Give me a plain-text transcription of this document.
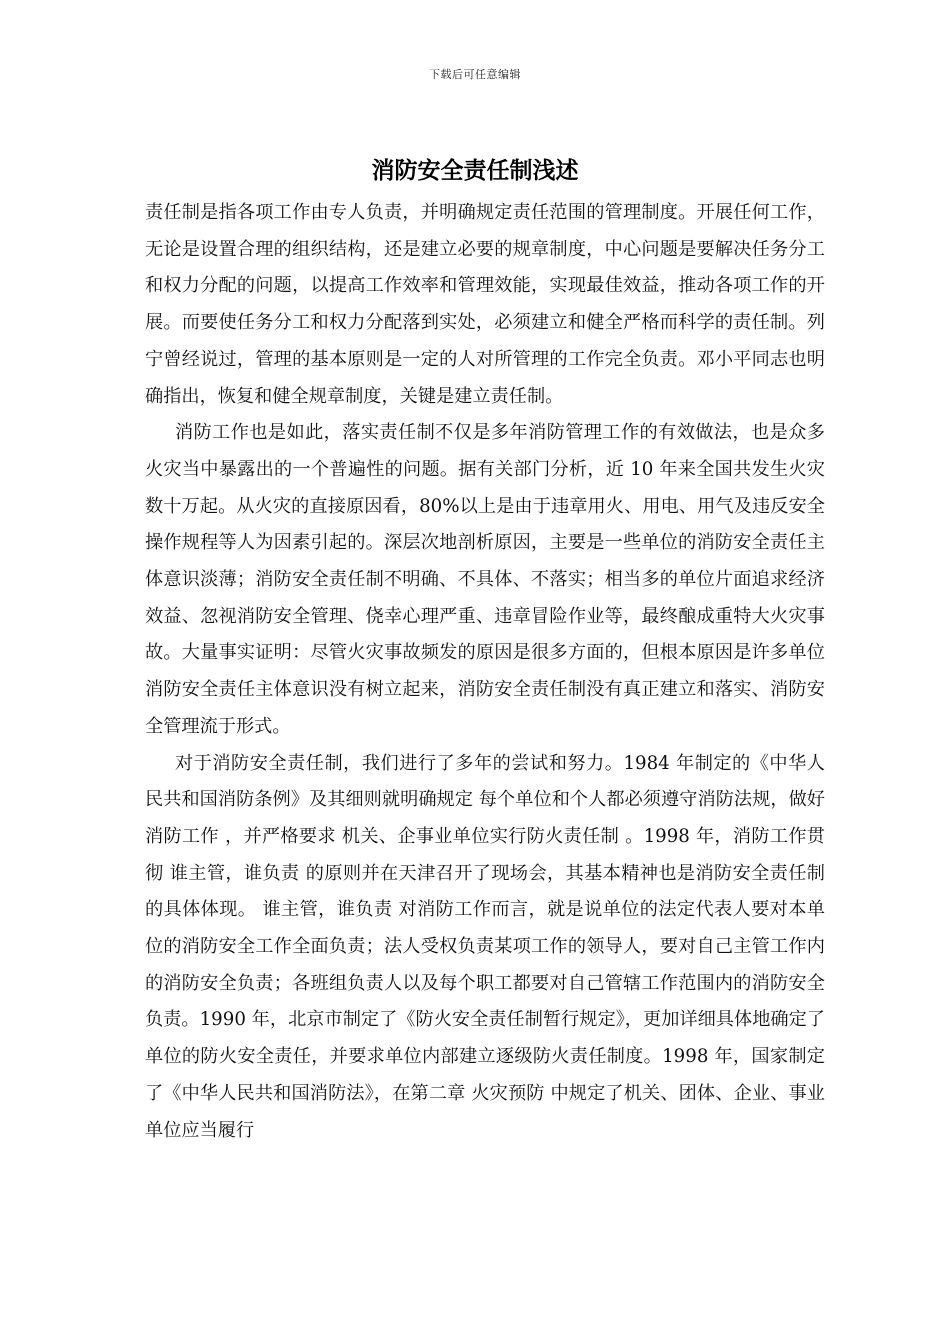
下载后可任意编辑
消防安全责任制浅述

责任制是指各项工作由专人负责，并明确规定责任范围的管理制度。开展任何工作，无论是设置合理的组织结构，还是建立必要的规章制度，中心问题是要解决任务分工和权力分配的问题，以提高工作效率和管理效能，实现最佳效益，推动各项工作的开展。而要使任务分工和权力分配落到实处，必须建立和健全严格而科学的责任制。列宁曾经说过，管理的基本原则是一定的人对所管理的工作完全负责。邓小平同志也明确指出，恢复和健全规章制度，关键是建立责任制。

消防工作也是如此，落实责任制不仅是多年消防管理工作的有效做法，也是众多火灾当中暴露出的一个普遍性的问题。据有关部门分析，近 10 年来全国共发生火灾数十万起。从火灾的直接原因看，80%以上是由于违章用火、用电、用气及违反安全操作规程等人为因素引起的。深层次地剖析原因，主要是一些单位的消防安全责任主体意识淡薄；消防安全责任制不明确、不具体、不落实；相当多的单位片面追求经济效益、忽视消防安全管理、侥幸心理严重、违章冒险作业等，最终酿成重特大火灾事故。大量事实证明：尽管火灾事故频发的原因是很多方面的，但根本原因是许多单位消防安全责任主体意识没有树立起来，消防安全责任制没有真正建立和落实、消防安全管理流于形式。

对于消防安全责任制，我们进行了多年的尝试和努力。1984 年制定的《中华人民共和国消防条例》及其细则就明确规定 每个单位和个人都必须遵守消防法规，做好消防工作 ，并严格要求 机关、企事业单位实行防火责任制 。1998 年，消防工作贯彻 谁主管，谁负责 的原则并在天津召开了现场会，其基本精神也是消防安全责任制的具体体现。 谁主管，谁负责 对消防工作而言，就是说单位的法定代表人要对本单位的消防安全工作全面负责；法人受权负责某项工作的领导人，要对自己主管工作内的消防安全负责；各班组负责人以及每个职工都要对自己管辖工作范围内的消防安全负责。1990 年，北京市制定了《防火安全责任制暂行规定》，更加详细具体地确定了单位的防火安全责任，并要求单位内部建立逐级防火责任制度。1998 年，国家制定了《中华人民共和国消防法》，在第二章 火灾预防 中规定了机关、团体、企业、事业单位应当履行
